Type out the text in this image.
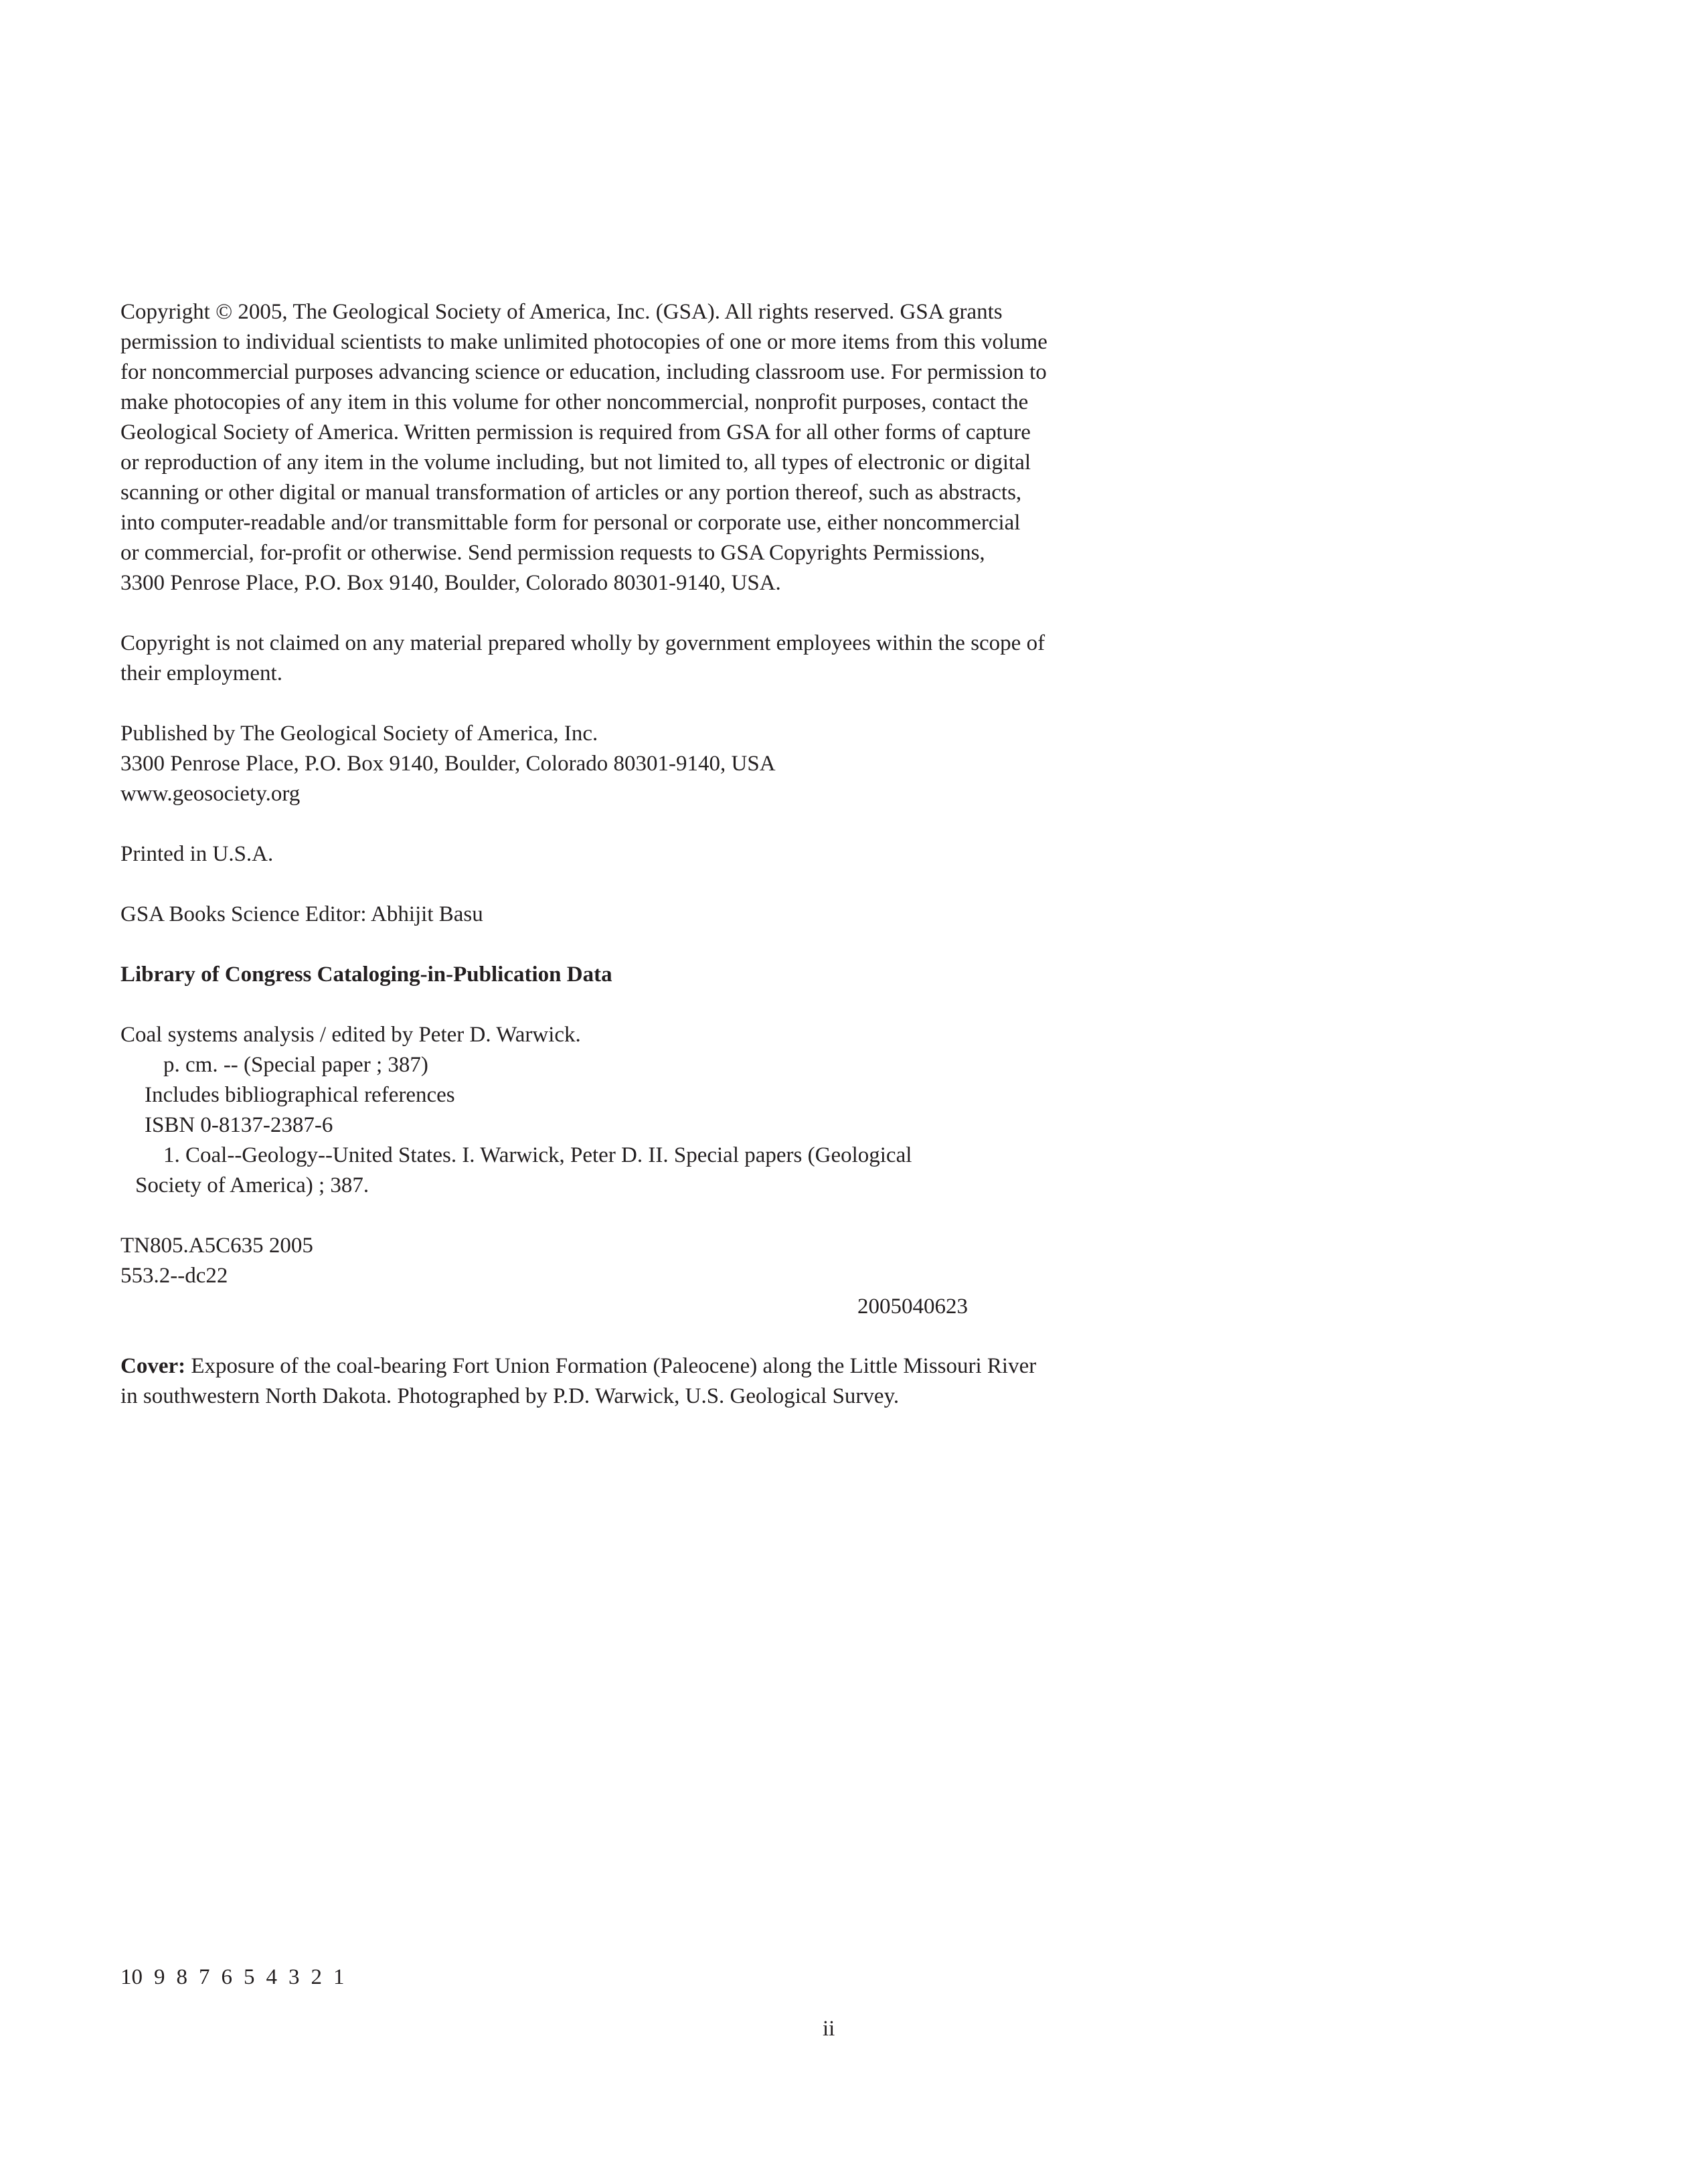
Copyright © 2005, The Geological Society of America, Inc. (GSA). All rights reserved. GSA grants

permission to individual scientists to make unlimited photocopies of one or more items from this volume

for noncommercial purposes advancing science or education, including classroom use. For permission to

make photocopies of any item in this volume for other noncommercial, nonprofit purposes, contact the

Geological Society of America. Written permission is required from GSA for all other forms of capture

or reproduction of any item in the volume including, but not limited to, all types of electronic or digital

scanning or other digital or manual transformation of articles or any portion thereof, such as abstracts,

into computer-readable and/or transmittable form for personal or corporate use, either noncommercial

or commercial, for-profit or otherwise. Send permission requests to GSA Copyrights Permissions,

3300 Penrose Place, P.O. Box 9140, Boulder, Colorado 80301-9140, USA.

Copyright is not claimed on any material prepared wholly by government employees within the scope of

their employment.

Published by The Geological Society of America, Inc.

3300 Penrose Place, P.O. Box 9140, Boulder, Colorado 80301-9140, USA

www.geosociety.org

Printed in U.S.A.

GSA Books Science Editor: Abhijit Basu

Library of Congress Cataloging-in-Publication Data

Coal systems analysis / edited by Peter D. Warwick.

p. cm. -- (Special paper ; 387)

Includes bibliographical references

ISBN 0-8137-2387-6

1. Coal--Geology--United States. I. Warwick, Peter D. II. Special papers (Geological

Society of America) ; 387.

TN805.A5C635 2005

553.2--dc22

2005040623

Cover: Exposure of the coal-bearing Fort Union Formation (Paleocene) along the Little Missouri River

in southwestern North Dakota. Photographed by P.D. Warwick, U.S. Geological Survey.

10 9 8 7 6 5 4 3 2 1
ii
